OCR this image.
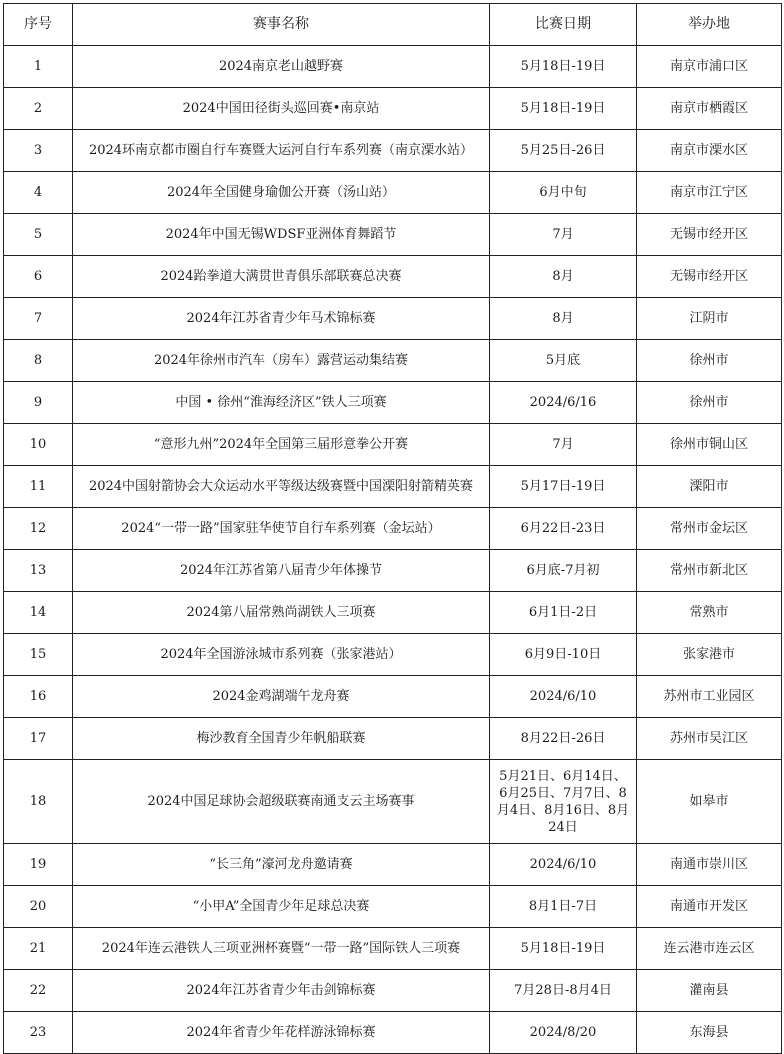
序号	赛事名称	比赛日期	举办地
1	2024南京老山越野赛	5月18日-19日	南京市浦口区
2	2024中国田径街头巡回赛•南京站	5月18日-19日	南京市栖霞区
3	2024环南京都市圈自行车赛暨大运河自行车系列赛（南京溧水站）	5月25日-26日	南京市溧水区
4	2024年全国健身瑜伽公开赛（汤山站）	6月中旬	南京市江宁区
5	2024年中国无锡WDSF亚洲体育舞蹈节	7月	无锡市经开区
6	2024跆拳道大满贯世青俱乐部联赛总决赛	8月	无锡市经开区
7	2024年江苏省青少年马术锦标赛	8月	江阴市
8	2024年徐州市汽车（房车）露营运动集结赛	5月底	徐州市
9	中国 • 徐州“淮海经济区”铁人三项赛	2024/6/16	徐州市
10	“意形九州”2024年全国第三届形意拳公开赛	7月	徐州市铜山区
11	2024中国射箭协会大众运动水平等级达级赛暨中国溧阳射箭精英赛	5月17日-19日	溧阳市
12	2024“一带一路”国家驻华使节自行车系列赛（金坛站）	6月22日-23日	常州市金坛区
13	2024年江苏省第八届青少年体操节	6月底-7月初	常州市新北区
14	2024第八届常熟尚湖铁人三项赛	6月1日-2日	常熟市
15	2024年全国游泳城市系列赛（张家港站）	6月9日-10日	张家港市
16	2024金鸡湖端午龙舟赛	2024/6/10	苏州市工业园区
17	梅沙教育全国青少年帆船联赛	8月22日-26日	苏州市吴江区
18	2024中国足球协会超级联赛南通支云主场赛事	5月21日、6月14日、6月25日、7月7日、8月4日、8月16日、8月24日	如皋市
19	“长三角”濠河龙舟邀请赛	2024/6/10	南通市崇川区
20	“小甲A”全国青少年足球总决赛	8月1日-7日	南通市开发区
21	2024年连云港铁人三项亚洲杯赛暨“一带一路”国际铁人三项赛	5月18日-19日	连云港市连云区
22	2024年江苏省青少年击剑锦标赛	7月28日-8月4日	灌南县
23	2024年省青少年花样游泳锦标赛	2024/8/20	东海县
